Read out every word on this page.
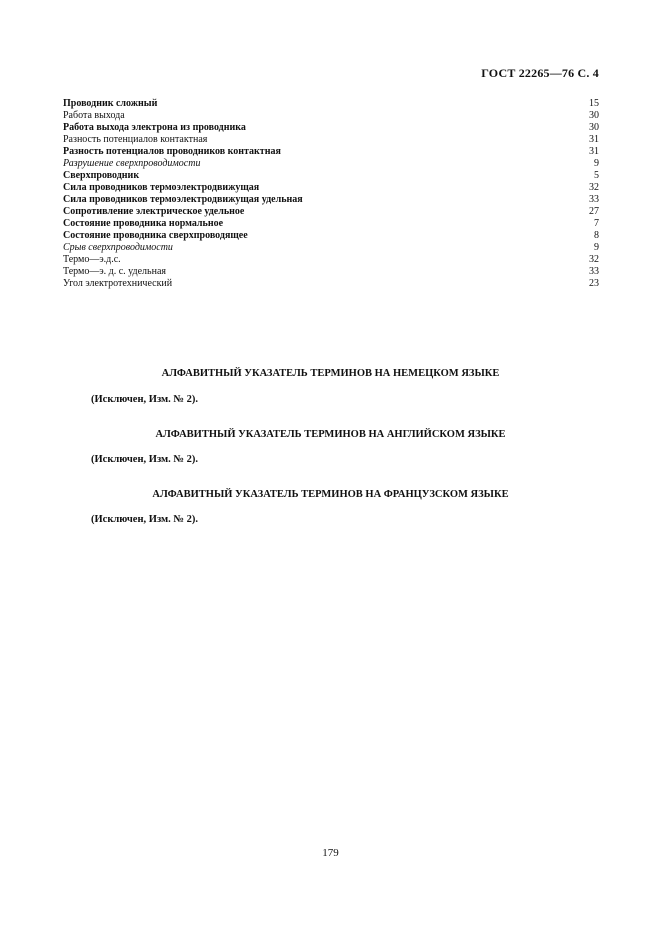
ГОСТ 22265—76 С. 4
Проводник сложный	15
Работа выхода	30
Работа выхода электрона из проводника	30
Разность потенциалов контактная	31
Разность потенциалов проводников контактная	31
Разрушение сверхпроводимости	9
Сверхпроводник	5
Сила проводников термоэлектродвижущая	32
Сила проводников термоэлектродвижущая удельная	33
Сопротивление электрическое удельное	27
Состояние проводника нормальное	7
Состояние проводника сверхпроводящее	8
Срыв сверхпроводимости	9
Термо—э.д.с.	32
Термо—э. д. с. удельная	33
Угол электротехнический	23
АЛФАВИТНЫЙ УКАЗАТЕЛЬ ТЕРМИНОВ НА НЕМЕЦКОМ ЯЗЫКЕ
(Исключен, Изм. № 2).
АЛФАВИТНЫЙ УКАЗАТЕЛЬ ТЕРМИНОВ НА АНГЛИЙСКОМ ЯЗЫКЕ
(Исключен, Изм. № 2).
АЛФАВИТНЫЙ УКАЗАТЕЛЬ ТЕРМИНОВ НА ФРАНЦУЗСКОМ ЯЗЫКЕ
(Исключен, Изм. № 2).
179
